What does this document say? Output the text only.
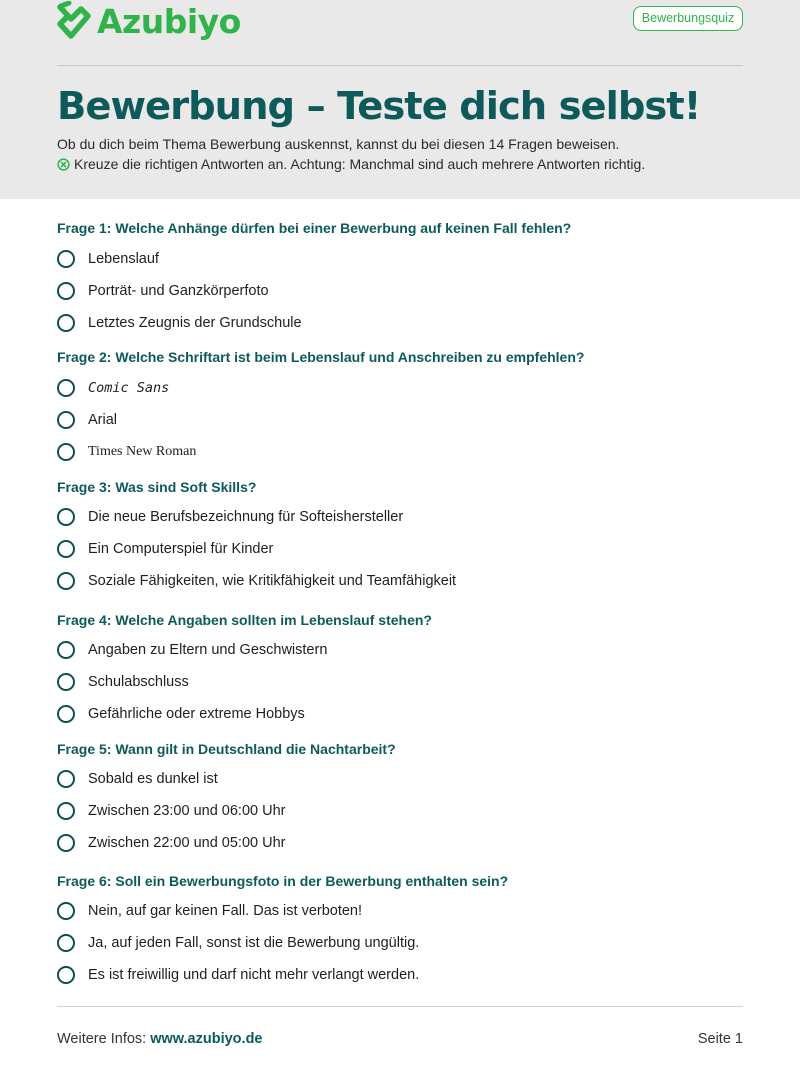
Azubiyo	Bewerbungsquiz
Bewerbung – Teste dich selbst!

Ob du dich beim Thema Bewerbung auskennst, kannst du bei diesen 14 Fragen beweisen.

Kreuze die richtigen Antworten an. Achtung: Manchmal sind auch mehrere Antworten richtig.

Frage 1: Welche Anhänge dürfen bei einer Bewerbung auf keinen Fall fehlen?
Lebenslauf
Porträt- und Ganzkörperfoto
Letztes Zeugnis der Grundschule
Frage 2: Welche Schriftart ist beim Lebenslauf und Anschreiben zu empfehlen?
Comic Sans
Arial
Times New Roman
Frage 3: Was sind Soft Skills?
Die neue Berufsbezeichnung für Softeishersteller
Ein Computerspiel für Kinder
Soziale Fähigkeiten, wie Kritikfähigkeit und Teamfähigkeit
Frage 4: Welche Angaben sollten im Lebenslauf stehen?
Angaben zu Eltern und Geschwistern
Schulabschluss
Gefährliche oder extreme Hobbys
Frage 5: Wann gilt in Deutschland die Nachtarbeit?
Sobald es dunkel ist
Zwischen 23:00 und 06:00 Uhr
Zwischen 22:00 und 05:00 Uhr
Frage 6: Soll ein Bewerbungsfoto in der Bewerbung enthalten sein?
Nein, auf gar keinen Fall. Das ist verboten!
Ja, auf jeden Fall, sonst ist die Bewerbung ungültig.
Es ist freiwillig und darf nicht mehr verlangt werden.
Weitere Infos: www.azubiyo.de	Seite 1
